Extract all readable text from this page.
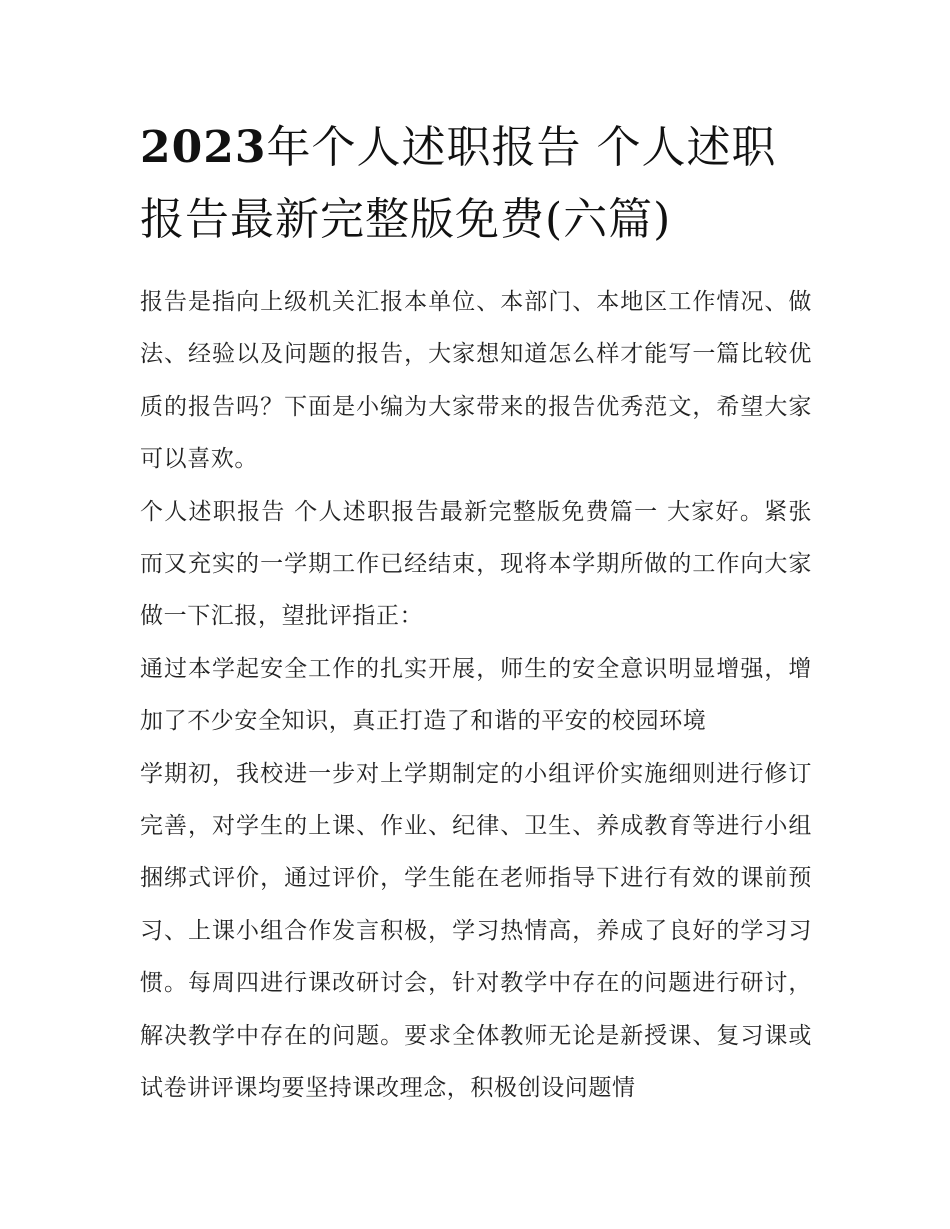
2023年个人述职报告 个人述职报告最新完整版免费(六篇)

报告是指向上级机关汇报本单位、本部门、本地区工作情况、做法、经验以及问题的报告，大家想知道怎么样才能写一篇比较优质的报告吗？下面是小编为大家带来的报告优秀范文，希望大家可以喜欢。

个人述职报告 个人述职报告最新完整版免费篇一 大家好。紧张而又充实的一学期工作已经结束，现将本学期所做的工作向大家做一下汇报，望批评指正：

通过本学起安全工作的扎实开展，师生的安全意识明显增强，增加了不少安全知识，真正打造了和谐的平安的校园环境

学期初，我校进一步对上学期制定的小组评价实施细则进行修订完善，对学生的上课、作业、纪律、卫生、养成教育等进行小组捆绑式评价，通过评价，学生能在老师指导下进行有效的课前预习、上课小组合作发言积极，学习热情高，养成了良好的学习习惯。每周四进行课改研讨会，针对教学中存在的问题进行研讨，解决教学中存在的问题。要求全体教师无论是新授课、复习课或试卷讲评课均要坚持课改理念，积极创设问题情
